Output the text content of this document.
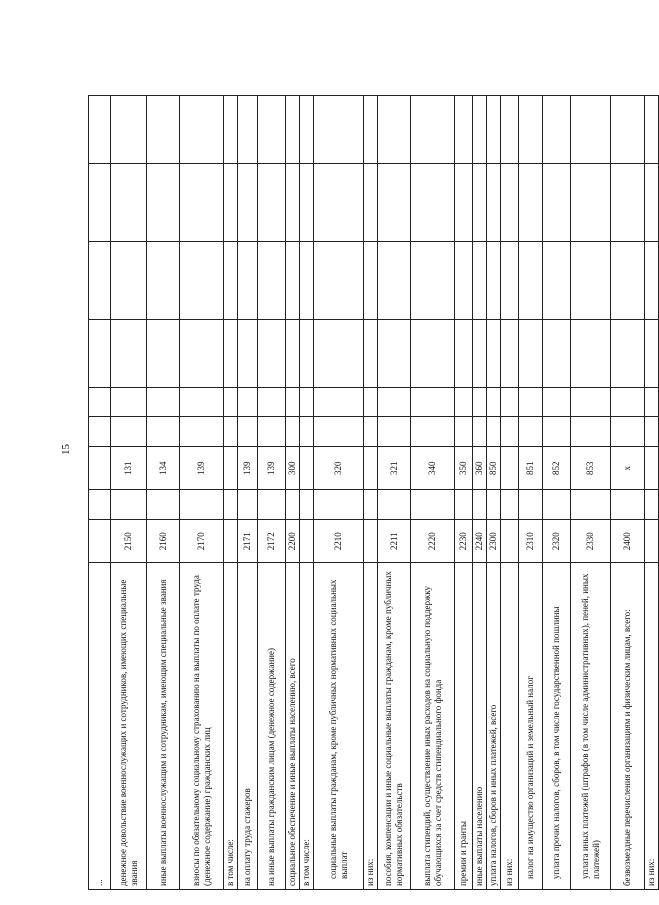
15
...									
денежное довольствие военнослужащих и сотрудников, имеющих специальные звания	2150		131						
иные выплаты военнослужащим и сотрудникам, имеющим специальные звания	2160		134						
взносы по обязательному социальному страхованию на выплаты по оплате труда (денежное содержание) гражданских лиц	2170		139						
в том числе:									
на оплату труда стажеров	2171		139						
на иные выплаты гражданским лицам (денежное содержание)	2172		139						
социальное обеспечение и иные выплаты населению, всего	2200		300						
в том числе:									
социальные выплаты гражданам, кроме публичных нормативных социальных выплат	2210		320						
из них:									
пособия, компенсации и иные социальные выплаты гражданам, кроме публичных нормативных обязательств	2211		321						
выплата стипендий, осуществление иных расходов на социальную поддержку обучающихся за счет средств стипендиального фонда	2220		340						
премии и гранты	2230		350						
иные выплаты населению	2240		360						
уплата налогов, сборов и иных платежей, всего	2300		850						
из них:									
налог на имущество организаций и земельный налог	2310		851						
уплата прочих налогов, сборов, в том числе государственной пошлины	2320		852						
уплата иных платежей (штрафов (в том числе административных), пеней, иных платежей)	2330		853						
безвозмездные перечисления организациям и физическим лицам, всего:	2400		x						
из них:									
